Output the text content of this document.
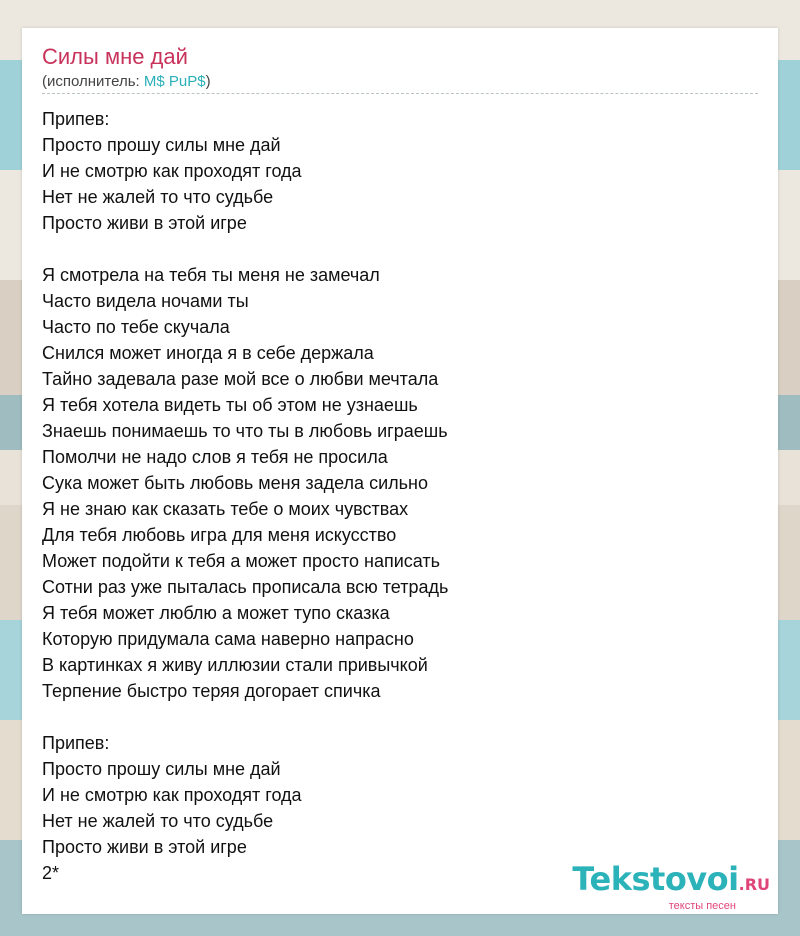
Силы мне дай
(исполнитель: M$ PuP$)
Припев:
Просто прошу силы мне дай
И не смотрю как проходят года
Нет не жалей то что судьбе
Просто живи в этой игре
Я смотрела на тебя ты меня не замечал
Часто видела ночами ты
Часто по тебе скучала
Снился может иногда я в себе держала
Тайно задевала разе мой все о любви мечтала
Я тебя хотела видеть ты об этом не узнаешь
Знаешь понимаешь то что ты в любовь играешь
Помолчи не надо слов я тебя не просила
Сука может быть любовь меня задела сильно
Я не знаю как сказать тебе о моих чувствах
Для тебя любовь игра для меня искусство
Может подойти к тебя а может просто написать
Сотни раз уже пыталась прописала всю тетрадь
Я тебя может люблю а может тупо сказка
Которую придумала сама наверно напрасно
В картинках я живу иллюзии стали привычкой
Терпение быстро теряя догорает спичка
Припев:
Просто прошу силы мне дай
И не смотрю как проходят года
Нет не жалей то что судьбе
Просто живи в этой игре
2*	Tekstovoi.RU
тексты песен
